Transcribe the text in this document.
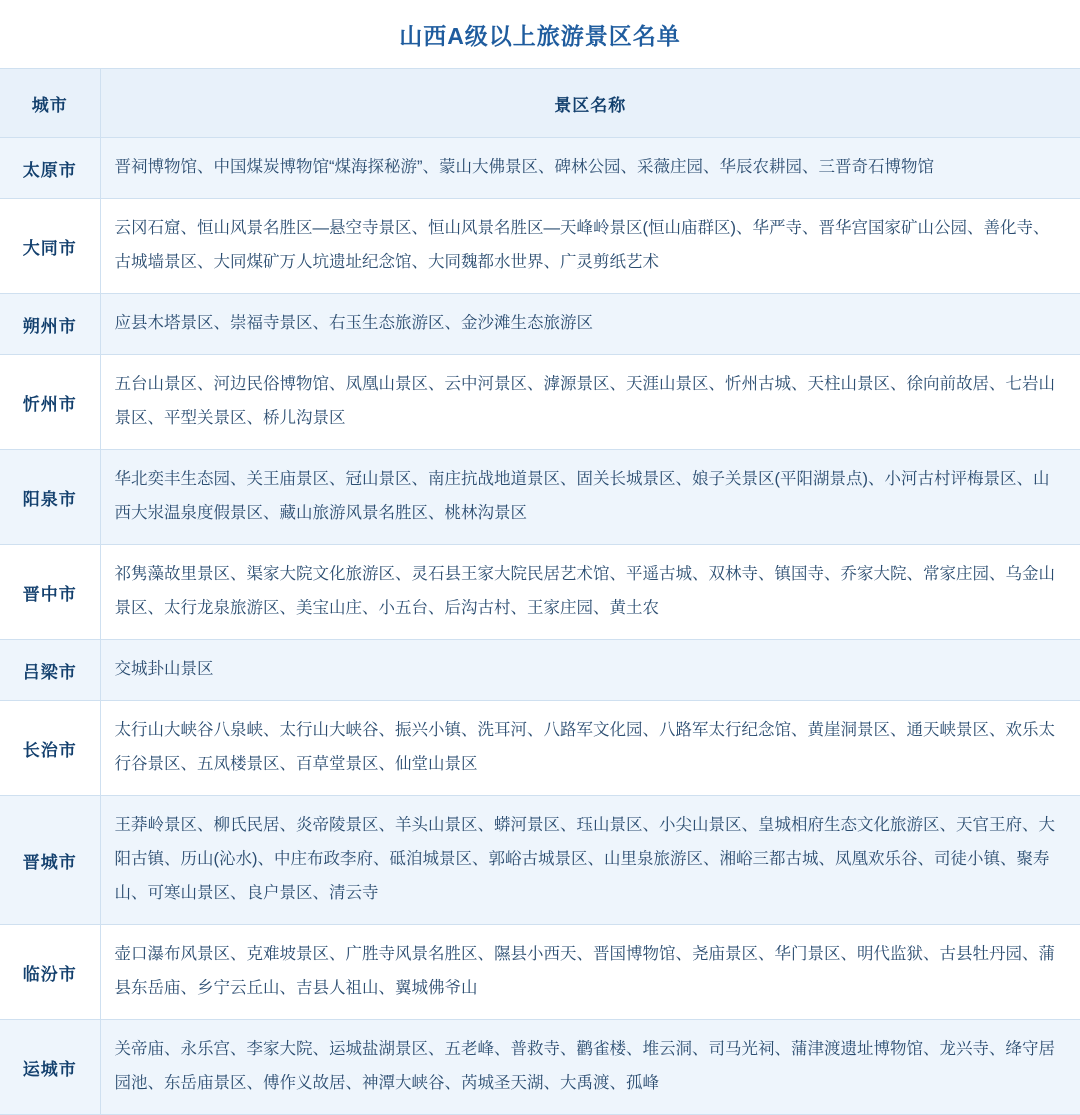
山西A级以上旅游景区名单
城市	景区名称
太原市	晋祠博物馆、中国煤炭博物馆“煤海探秘游”、蒙山大佛景区、碑林公园、采薇庄园、华辰农耕园、三晋奇石博物馆
大同市	云冈石窟、恒山风景名胜区—悬空寺景区、恒山风景名胜区—天峰岭景区(恒山庙群区)、华严寺、晋华宫国家矿山公园、善化寺、古城墙景区、大同煤矿万人坑遗址纪念馆、大同魏都水世界、广灵剪纸艺术
朔州市	应县木塔景区、崇福寺景区、右玉生态旅游区、金沙滩生态旅游区
忻州市	五台山景区、河边民俗博物馆、凤凰山景区、云中河景区、滹源景区、天涯山景区、忻州古城、天柱山景区、徐向前故居、七岩山景区、平型关景区、桥儿沟景区
阳泉市	华北奕丰生态园、关王庙景区、冠山景区、南庄抗战地道景区、固关长城景区、娘子关景区(平阳湖景点)、小河古村评梅景区、山西大汖温泉度假景区、藏山旅游风景名胜区、桃林沟景区
晋中市	祁隽藻故里景区、渠家大院文化旅游区、灵石县王家大院民居艺术馆、平遥古城、双林寺、镇国寺、乔家大院、常家庄园、乌金山景区、太行龙泉旅游区、美宝山庄、小五台、后沟古村、王家庄园、黄土农
吕梁市	交城卦山景区
长治市	太行山大峡谷八泉峡、太行山大峡谷、振兴小镇、洗耳河、八路军文化园、八路军太行纪念馆、黄崖洞景区、通天峡景区、欢乐太行谷景区、五凤楼景区、百草堂景区、仙堂山景区
晋城市	王莽岭景区、柳氏民居、炎帝陵景区、羊头山景区、蟒河景区、珏山景区、小尖山景区、皇城相府生态文化旅游区、天官王府、大阳古镇、历山(沁水)、中庄布政李府、砥洎城景区、郭峪古城景区、山里泉旅游区、湘峪三都古城、凤凰欢乐谷、司徒小镇、聚寿山、可寒山景区、良户景区、清云寺
临汾市	壶口瀑布风景区、克难坡景区、广胜寺风景名胜区、隰县小西天、晋国博物馆、尧庙景区、华门景区、明代监狱、古县牡丹园、蒲县东岳庙、乡宁云丘山、吉县人祖山、翼城佛爷山
运城市	关帝庙、永乐宫、李家大院、运城盐湖景区、五老峰、普救寺、鹳雀楼、堆云洞、司马光祠、蒲津渡遗址博物馆、龙兴寺、绛守居园池、东岳庙景区、傅作义故居、神潭大峡谷、芮城圣天湖、大禹渡、孤峰
